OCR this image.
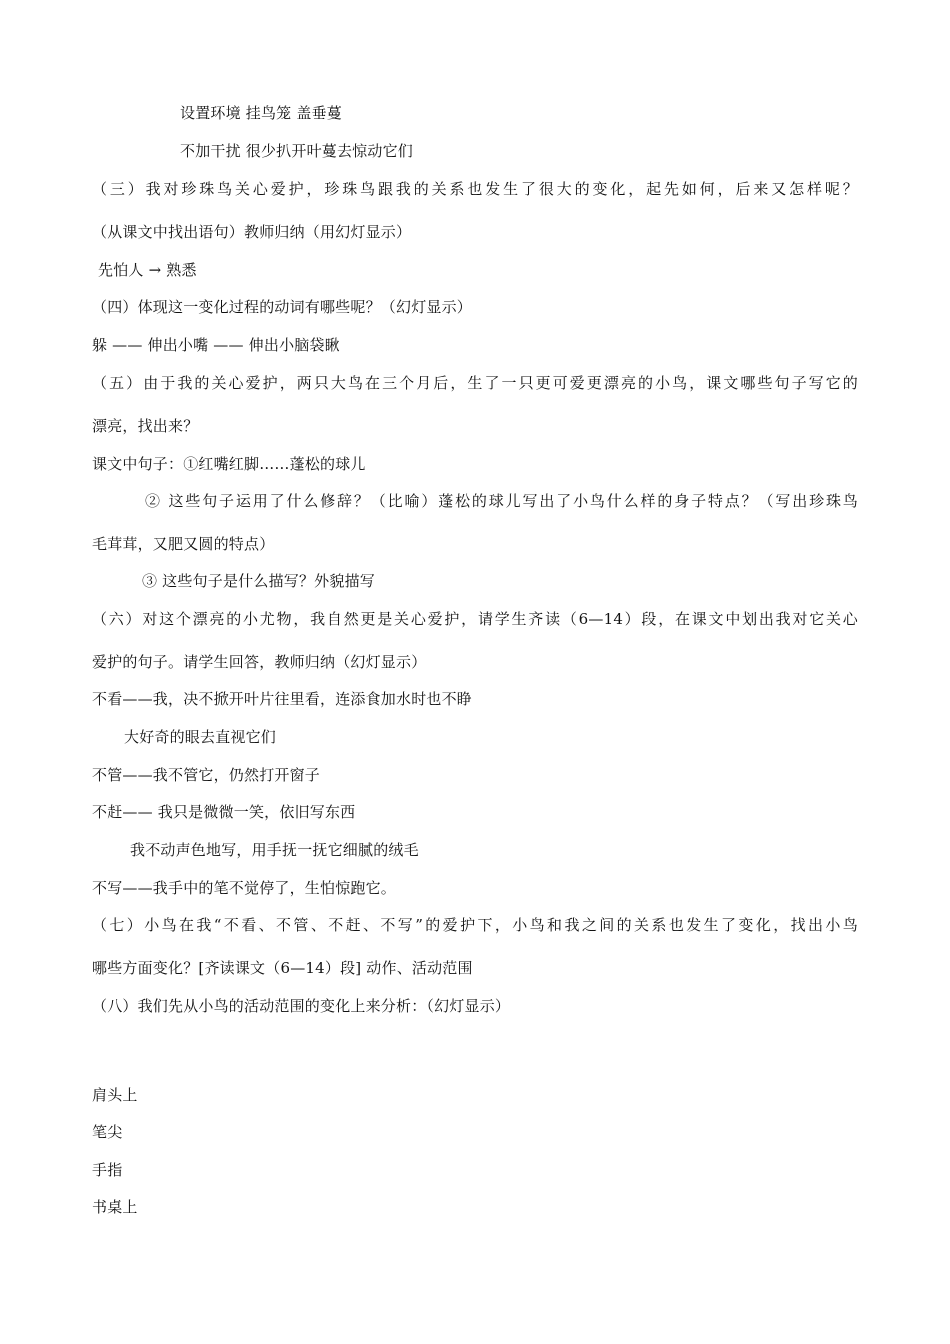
设置环境 挂鸟笼 盖垂蔓
不加干扰 很少扒开叶蔓去惊动它们
（三）我对珍珠鸟关心爱护，珍珠鸟跟我的关系也发生了很大的变化，起先如何，后来又怎样呢？
（从课文中找出语句）教师归纳（用幻灯显示）
先怕人 → 熟悉
（四）体现这一变化过程的动词有哪些呢？（幻灯显示）
躲 —— 伸出小嘴 —— 伸出小脑袋瞅
（五）由于我的关心爱护，两只大鸟在三个月后，生了一只更可爱更漂亮的小鸟，课文哪些句子写它的
漂亮，找出来？
课文中句子：①红嘴红脚……蓬松的球儿
② 这些句子运用了什么修辞？（比喻）蓬松的球儿写出了小鸟什么样的身子特点？（写出珍珠鸟
毛茸茸，又肥又圆的特点）
③ 这些句子是什么描写？外貌描写
（六）对这个漂亮的小尤物，我自然更是关心爱护，请学生齐读（6—14）段，在课文中划出我对它关心
爱护的句子。请学生回答，教师归纳（幻灯显示）
不看——我，决不掀开叶片往里看，连添食加水时也不睁
大好奇的眼去直视它们
不管——我不管它，仍然打开窗子
不赶—— 我只是微微一笑，依旧写东西
我不动声色地写，用手抚一抚它细腻的绒毛
不写——我手中的笔不觉停了，生怕惊跑它。
（七）小鸟在我“不看、不管、不赶、不写”的爱护下，小鸟和我之间的关系也发生了变化，找出小鸟
哪些方面变化？[齐读课文（6—14）段] 动作、活动范围
（八）我们先从小鸟的活动范围的变化上来分析：（幻灯显示）
肩头上
笔尖
手指
书桌上
